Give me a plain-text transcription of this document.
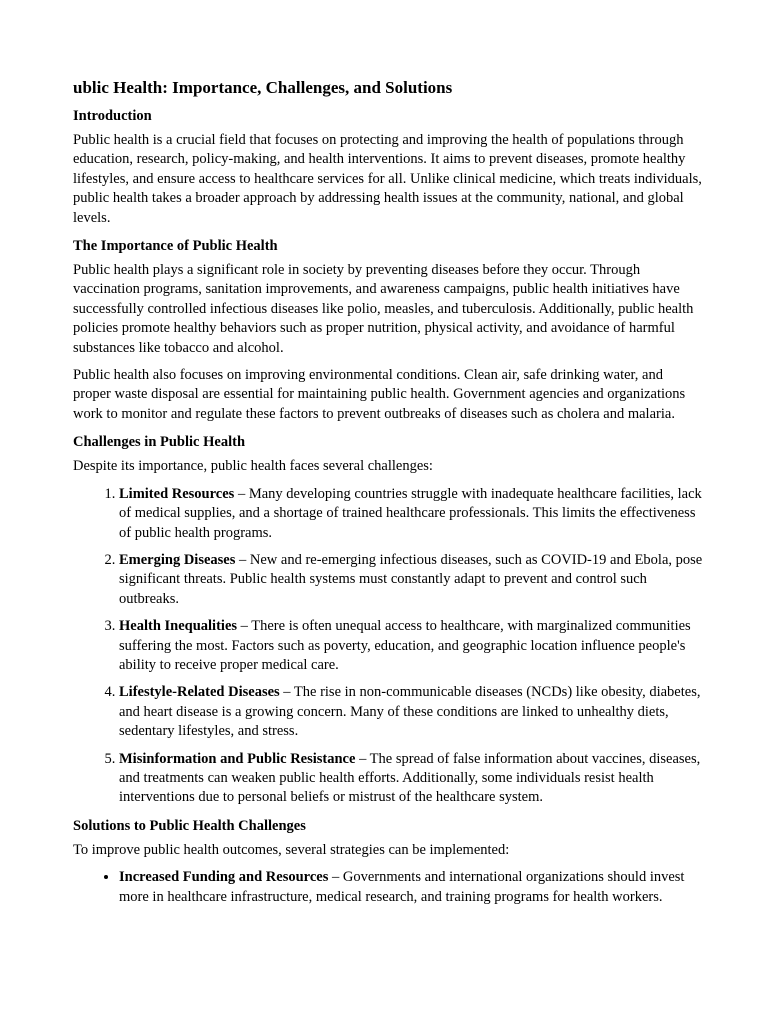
ublic Health: Importance, Challenges, and Solutions
Introduction

Public health is a crucial field that focuses on protecting and improving the health of populations through education, research, policy-making, and health interventions. It aims to prevent diseases, promote healthy lifestyles, and ensure access to healthcare services for all. Unlike clinical medicine, which treats individuals, public health takes a broader approach by addressing health issues at the community, national, and global levels.

The Importance of Public Health

Public health plays a significant role in society by preventing diseases before they occur. Through vaccination programs, sanitation improvements, and awareness campaigns, public health initiatives have successfully controlled infectious diseases like polio, measles, and tuberculosis. Additionally, public health policies promote healthy behaviors such as proper nutrition, physical activity, and avoidance of harmful substances like tobacco and alcohol.

Public health also focuses on improving environmental conditions. Clean air, safe drinking water, and proper waste disposal are essential for maintaining public health. Government agencies and organizations work to monitor and regulate these factors to prevent outbreaks of diseases such as cholera and malaria.

Challenges in Public Health

Despite its importance, public health faces several challenges:

1. Limited Resources – Many developing countries struggle with inadequate healthcare facilities, lack of medical supplies, and a shortage of trained healthcare professionals. This limits the effectiveness of public health programs.
2. Emerging Diseases – New and re-emerging infectious diseases, such as COVID-19 and Ebola, pose significant threats. Public health systems must constantly adapt to prevent and control such outbreaks.
3. Health Inequalities – There is often unequal access to healthcare, with marginalized communities suffering the most. Factors such as poverty, education, and geographic location influence people's ability to receive proper medical care.
4. Lifestyle-Related Diseases – The rise in non-communicable diseases (NCDs) like obesity, diabetes, and heart disease is a growing concern. Many of these conditions are linked to unhealthy diets, sedentary lifestyles, and stress.
5. Misinformation and Public Resistance – The spread of false information about vaccines, diseases, and treatments can weaken public health efforts. Additionally, some individuals resist health interventions due to personal beliefs or mistrust of the healthcare system.
Solutions to Public Health Challenges

To improve public health outcomes, several strategies can be implemented:

• Increased Funding and Resources – Governments and international organizations should invest more in healthcare infrastructure, medical research, and training programs for health workers.
